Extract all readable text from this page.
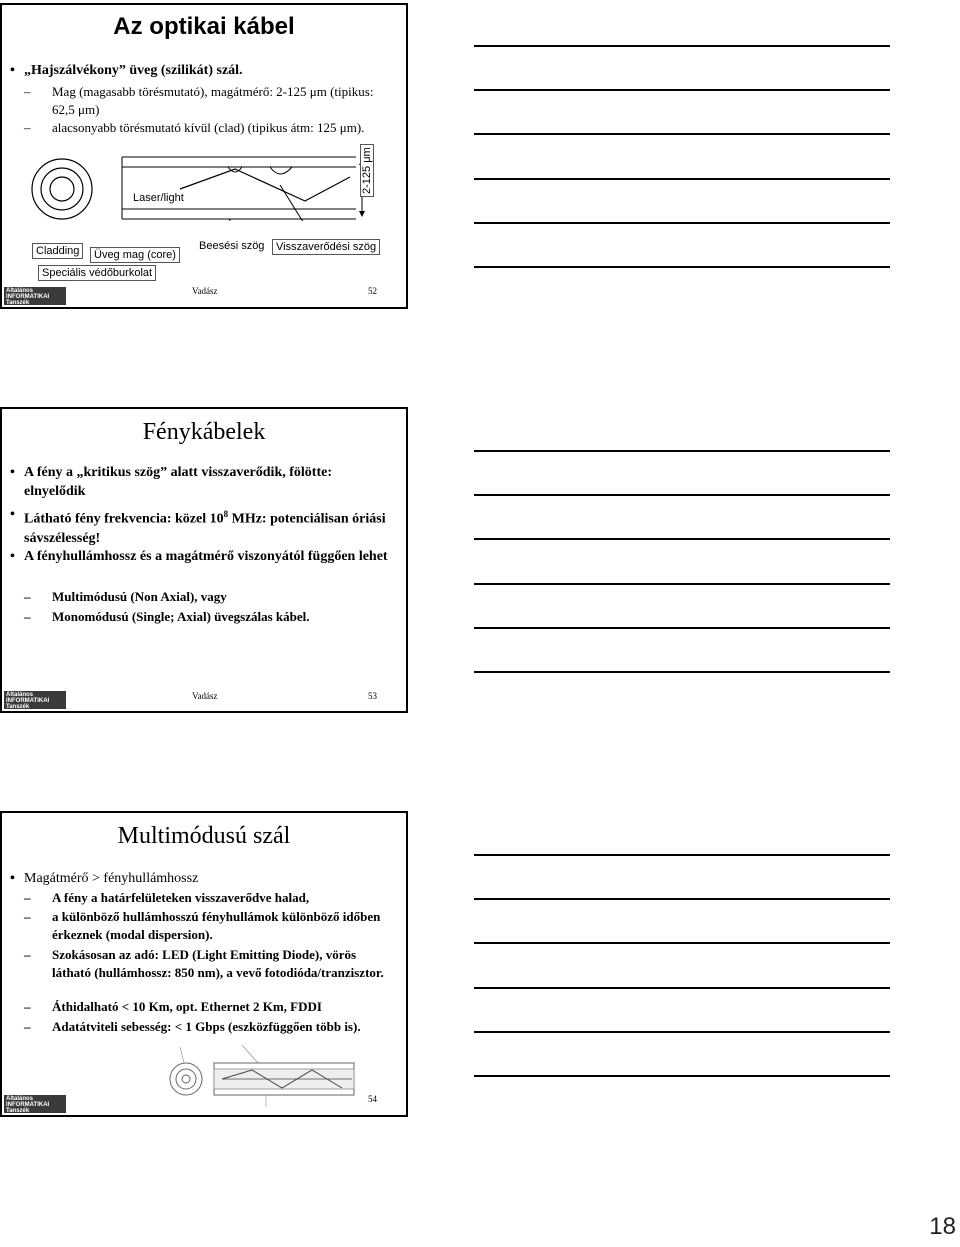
Az optikai kábel

• „Hajszálvékony” üveg (szilikát) szál.

– Mag (magasabb törésmutató), magátmérő: 2-125 μm (tipikus: 62,5 μm)

– alacsonyabb törésmutató kívül (clad) (tipikus átm: 125 μm).

Laser/light
2-125 μm
Cladding	Üveg mag (core)
Beesési szög	Visszaverődési szög
Speciális védőburkolat
Vadász	52
Általános
INFORMATIKAI
Tanszék
Fénykábelek

• A fény a „kritikus szög” alatt visszaverődik, fölötte: elnyelődik

• Látható fény frekvencia: közel $10^8$ MHz: potenciálisan óriási sávszélesség!

• A fényhullámhossz és a magátmérő viszonyától függően lehet

– Multimódusú (Non Axial), vagy

– Monomódusú (Single; Axial) üvegszálas kábel.

Vadász	53
Általános
INFORMATIKAI
Tanszék
Multimódusú szál

• Magátmérő > fényhullámhossz

– A fény a határfelületeken visszaverődve halad,

– a különböző hullámhosszú fényhullámok különböző időben érkeznek (modal dispersion).

– Szokásosan az adó: LED (Light Emitting Diode), vörös látható (hullámhossz: 850 nm), a vevő fotodióda/tranzisztor.

– Áthidalható < 10 Km, opt. Ethernet 2 Km, FDDI

– Adatátviteli sebesség: < 1 Gbps (eszközfüggően több is).

54
Általános
INFORMATIKAI
Tanszék
18
